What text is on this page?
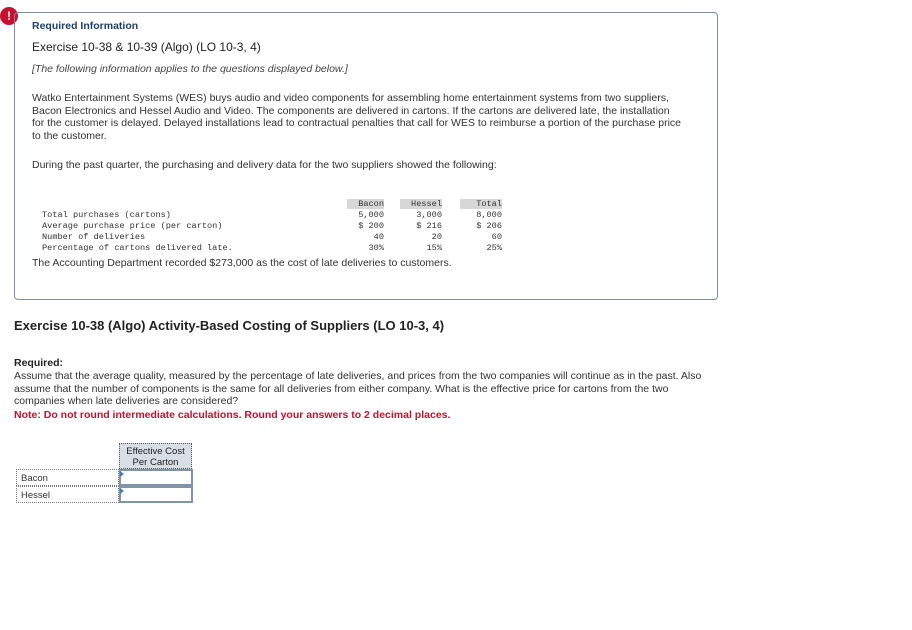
!
Required Information
Exercise 10-38 & 10-39 (Algo) (LO 10-3, 4)
[The following information applies to the questions displayed below.]
Watko Entertainment Systems (WES) buys audio and video components for assembling home entertainment systems from two suppliers, Bacon Electronics and Hessel Audio and Video. The components are delivered in cartons. If the cartons are delivered late, the installation for the customer is delayed. Delayed installations lead to contractual penalties that call for WES to reimburse a portion of the purchase price to the customer.
During the past quarter, the purchasing and delivery data for the two suppliers showed the following:
Bacon	Hessel	Total
Total purchases (cartons)	5,000	3,000	8,000
Average purchase price (per carton)	$ 200	$ 216	$ 206
Number of deliveries	40	20	60
Percentage of cartons delivered late.	30%	15%	25%
The Accounting Department recorded $273,000 as the cost of late deliveries to customers.
Exercise 10-38 (Algo) Activity-Based Costing of Suppliers (LO 10-3, 4)
Required:
Assume that the average quality, measured by the percentage of late deliveries, and prices from the two companies will continue as in the past. Also assume that the number of components is the same for all deliveries from either company. What is the effective price for cartons from the two companies when late deliveries are considered?
Note: Do not round intermediate calculations. Round your answers to 2 decimal places.
Effective Cost Per Carton
Bacon
Hessel
